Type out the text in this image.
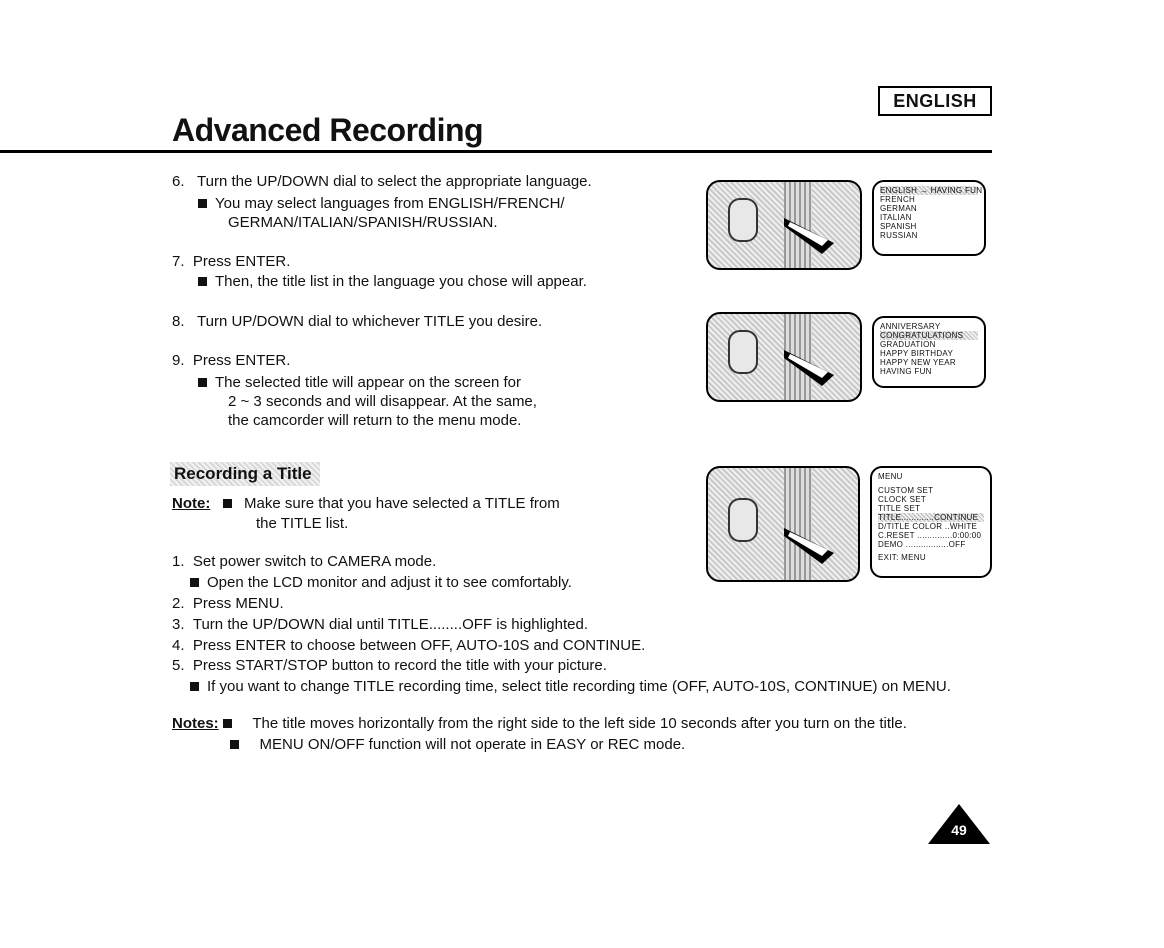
ENGLISH
Advanced Recording
6. Turn the UP/DOWN dial to select the appropriate language.
You may select languages from ENGLISH/FRENCH/
GERMAN/ITALIAN/SPANISH/RUSSIAN.
7. Press ENTER.
Then, the title list in the language you chose will appear.
8. Turn UP/DOWN dial to whichever TITLE you desire.
9. Press ENTER.
The selected title will appear on the screen for
2 ~ 3 seconds and will disappear. At the same,
the camcorder will return to the menu mode.
Recording a Title
Note: Make sure that you have selected a TITLE from
the TITLE list.
1. Set power switch to CAMERA mode.
Open the LCD monitor and adjust it to see comfortably.
2. Press MENU.
3. Turn the UP/DOWN dial until TITLE........OFF is highlighted.
4. Press ENTER to choose between OFF, AUTO-10S and CONTINUE.
5. Press START/STOP button to record the title with your picture.
If you want to change TITLE recording time, select title recording time (OFF, AUTO-10S, CONTINUE) on MENU.
Notes: The title moves horizontally from the right side to the left side 10 seconds after you turn on the title.
MENU ON/OFF function will not operate in EASY or REC mode.
ENGLISH → HAVING FUN
FRENCH
GERMAN
ITALIAN
SPANISH
RUSSIAN
ANNIVERSARY
CONGRATULATIONS
GRADUATION
HAPPY BIRTHDAY
HAPPY NEW YEAR
HAVING FUN
MENU
CUSTOM SET
CLOCK SET
TITLE SET
TITLE.............CONTINUE
D/TITLE COLOR ..WHITE
C.RESET ..............0:00:00
DEMO .................OFF
EXIT: MENU
49
